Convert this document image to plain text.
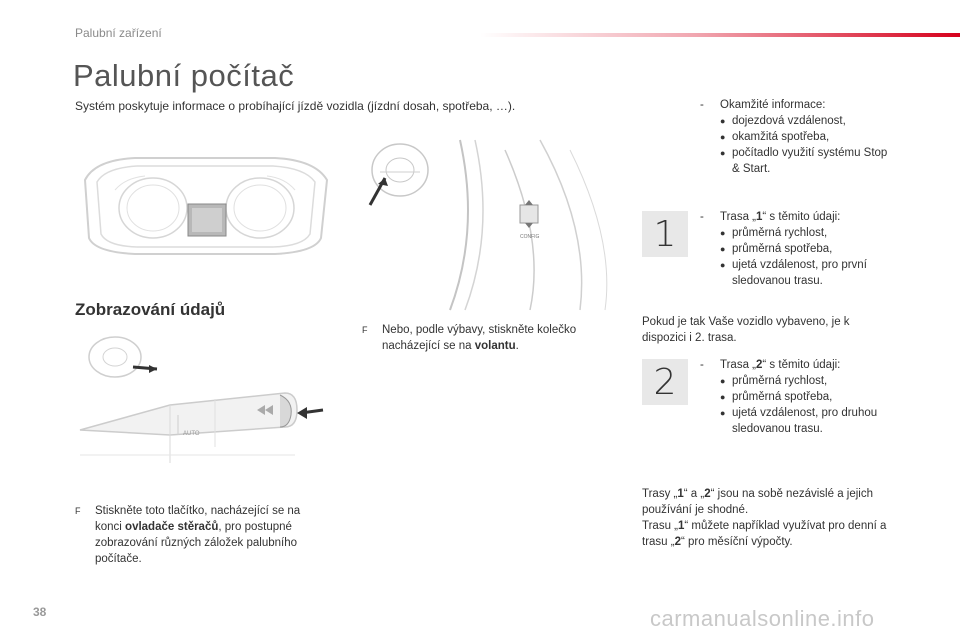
Palubní zařízení
Palubní počítač
Systém poskytuje informace o probíhající jízdě vozidla (jízdní dosah, spotřeba, …).
CONFIG
AUTO
Zobrazování údajů
F	Nebo, podle výbavy, stiskněte kolečko nacházející se na volantu.
F	Stiskněte toto tlačítko, nacházející se na konci ovladače stěračů, pro postupné zobrazování různých záložek palubního počítače.
- Okamžité informace:
● dojezdová vzdálenost,
● okamžitá spotřeba,
● počítadlo využití systému Stop & Start.
1	- Trasa „1“ s těmito údaji:
● průměrná rychlost,
● průměrná spotřeba,
● ujetá vzdálenost, pro první sledovanou trasu.
Pokud je tak Vaše vozidlo vybaveno, je k dispozici i 2. trasa.
2	- Trasa „2“ s těmito údaji:
● průměrná rychlost,
● průměrná spotřeba,
● ujetá vzdálenost, pro druhou sledovanou trasu.
Trasy „1“ a „2“ jsou na sobě nezávislé a jejich používání je shodné.
Trasu „1“ můžete například využívat pro denní a trasu „2“ pro měsíční výpočty.
38	carmanualsonline.info
